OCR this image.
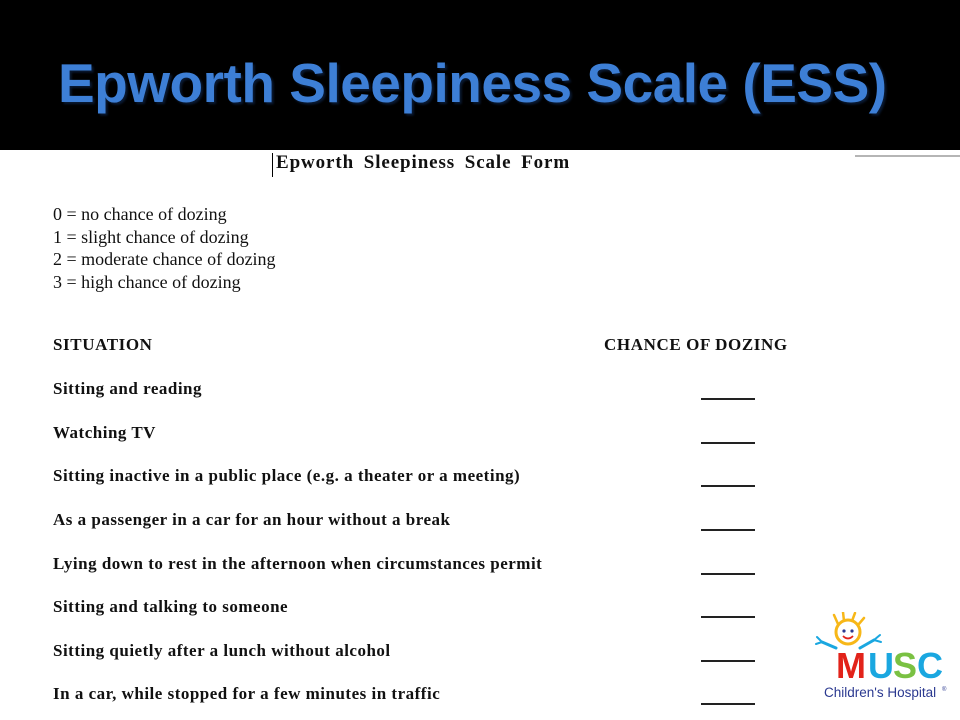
Epworth Sleepiness Scale (ESS)
Epworth Sleepiness Scale Form
0 = no chance of dozing
1 = slight chance of dozing
2 = moderate chance of dozing
3 = high chance of dozing
SITUATION	CHANCE OF DOZING
Sitting and reading
Watching TV
Sitting inactive in a public place (e.g. a theater or a meeting)
As a passenger in a car for an hour without a break
Lying down to rest in the afternoon when circumstances permit
Sitting and talking to someone
Sitting quietly after a lunch without alcohol
In a car, while stopped for a few minutes in traffic
M U S C
Children's Hospital ®
